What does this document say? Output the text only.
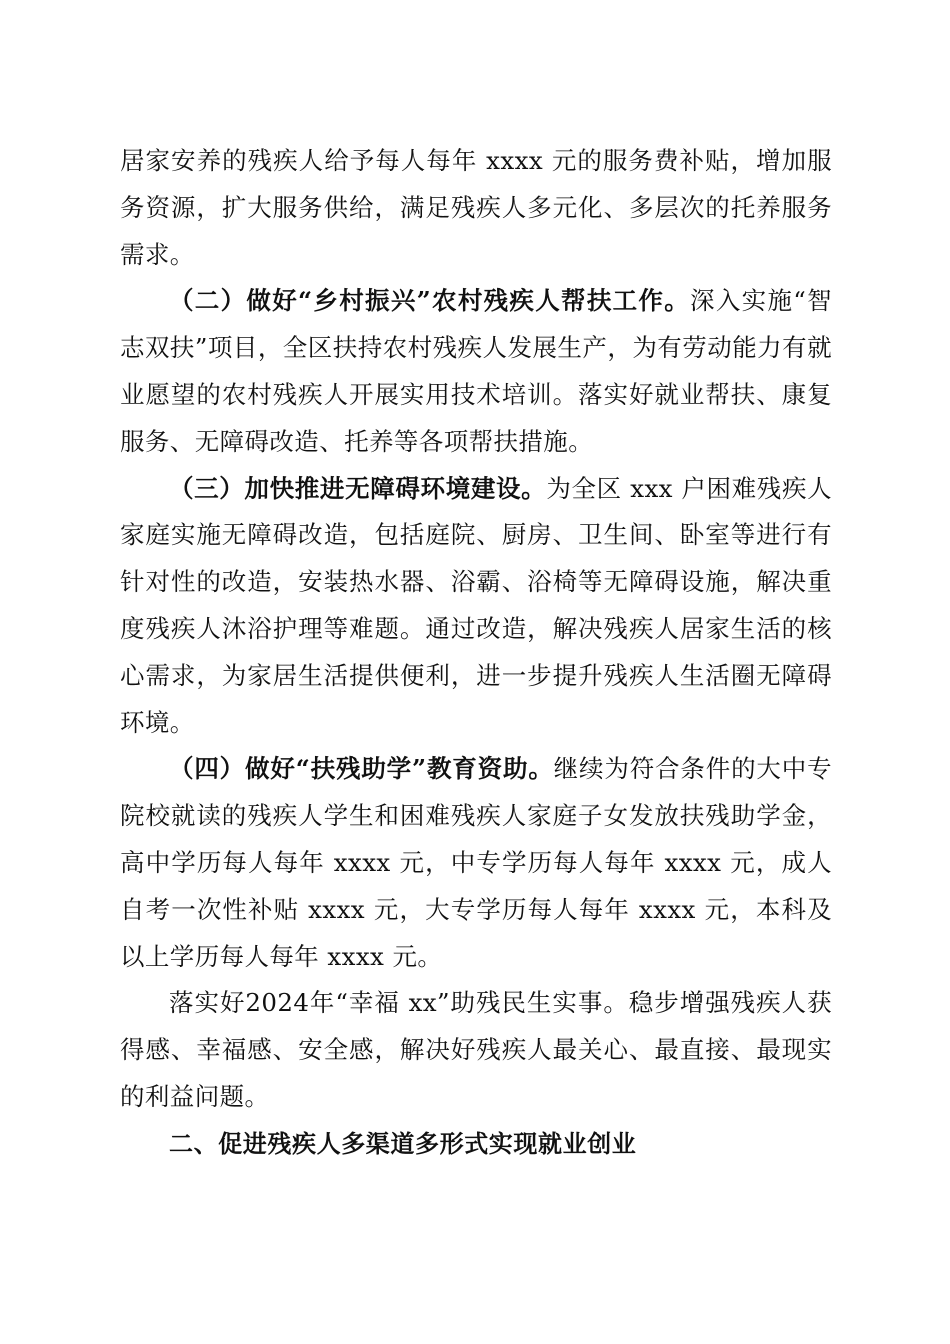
居家安养的残疾人给予每人每年 xxxx 元的服务费补贴，增加服务资源，扩大服务供给，满足残疾人多元化、多层次的托养服务需求。

（二）做好“乡村振兴”农村残疾人帮扶工作。深入实施“智志双扶”项目，全区扶持农村残疾人发展生产，为有劳动能力有就业愿望的农村残疾人开展实用技术培训。落实好就业帮扶、康复服务、无障碍改造、托养等各项帮扶措施。

（三）加快推进无障碍环境建设。为全区 xxx 户困难残疾人家庭实施无障碍改造，包括庭院、厨房、卫生间、卧室等进行有针对性的改造，安装热水器、浴霸、浴椅等无障碍设施，解决重度残疾人沐浴护理等难题。通过改造，解决残疾人居家生活的核心需求，为家居生活提供便利，进一步提升残疾人生活圈无障碍环境。

（四）做好“扶残助学”教育资助。继续为符合条件的大中专院校就读的残疾人学生和困难残疾人家庭子女发放扶残助学金，高中学历每人每年 xxxx 元，中专学历每人每年 xxxx 元，成人自考一次性补贴 xxxx 元，大专学历每人每年 xxxx 元，本科及以上学历每人每年 xxxx 元。

落实好2024年“幸福 xx”助残民生实事。稳步增强残疾人获得感、幸福感、安全感，解决好残疾人最关心、最直接、最现实的利益问题。

二、促进残疾人多渠道多形式实现就业创业
